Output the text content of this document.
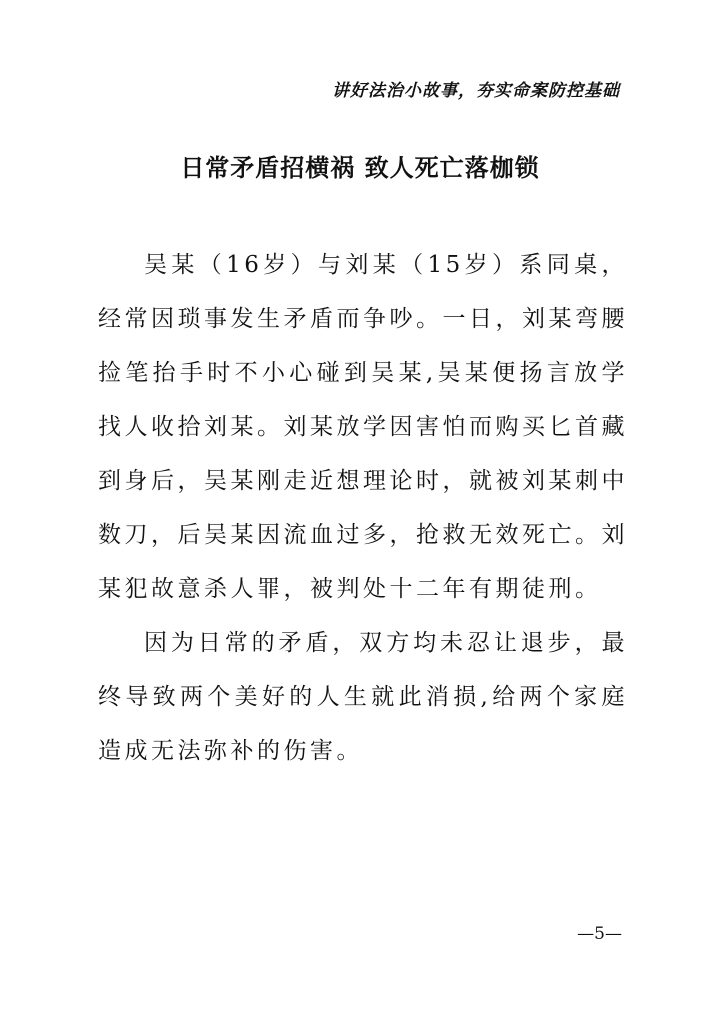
讲好法治小故事，夯实命案防控基础
日常矛盾招横祸 致人死亡落枷锁

吴某（16岁）与刘某（15岁）系同桌，经常因琐事发生矛盾而争吵。一日，刘某弯腰捡笔抬手时不小心碰到吴某,吴某便扬言放学找人收拾刘某。刘某放学因害怕而购买匕首藏到身后，吴某刚走近想理论时，就被刘某刺中数刀，后吴某因流血过多，抢救无效死亡。刘某犯故意杀人罪，被判处十二年有期徒刑。

因为日常的矛盾，双方均未忍让退步，最终导致两个美好的人生就此消损,给两个家庭造成无法弥补的伤害。

—5—
